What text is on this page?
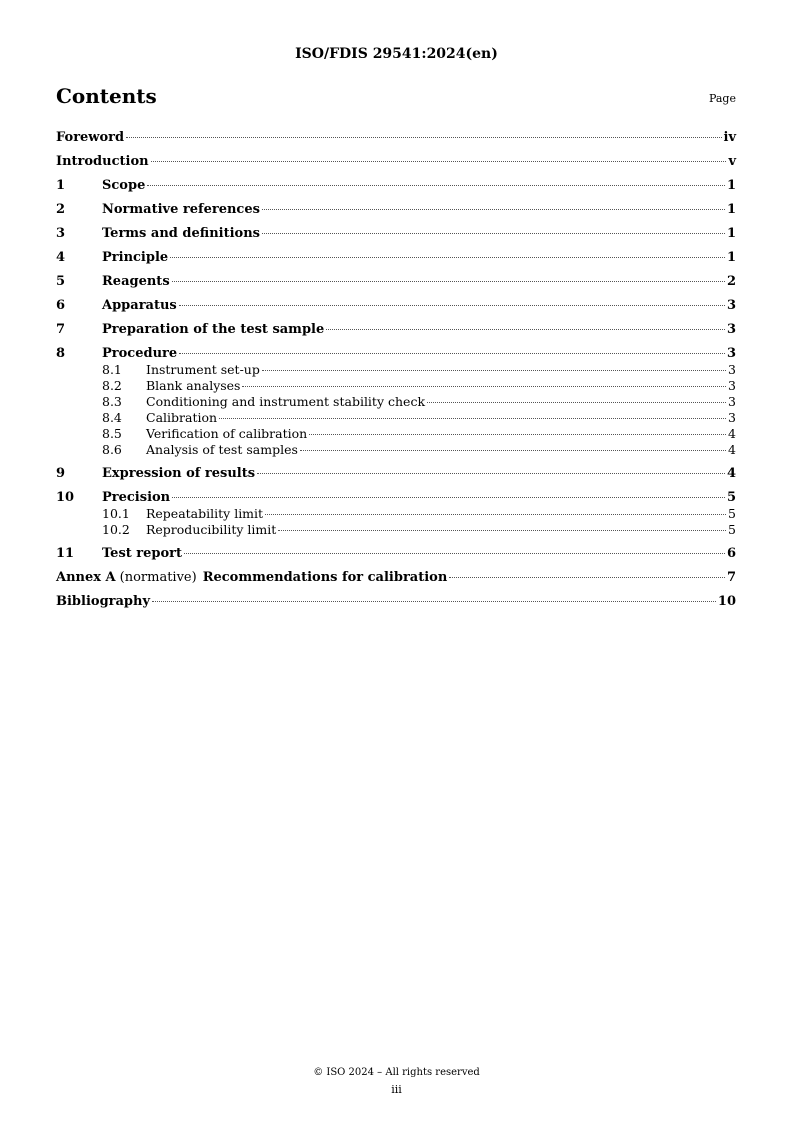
ISO/FDIS 29541:2024(en)
Contents	Page
Foreword	iv
Introduction	v
1	Scope	1
2	Normative references	1
3	Terms and definitions	1
4	Principle	1
5	Reagents	2
6	Apparatus	3
7	Preparation of the test sample	3
8	Procedure	3
8.1	Instrument set-up	3
8.2	Blank analyses	3
8.3	Conditioning and instrument stability check	3
8.4	Calibration	3
8.5	Verification of calibration	4
8.6	Analysis of test samples	4
9	Expression of results	4
10	Precision	5
10.1	Repeatability limit	5
10.2	Reproducibility limit	5
11	Test report	6
Annex A (normative) Recommendations for calibration	7
Bibliography	10
© ISO 2024 – All rights reserved
iii
